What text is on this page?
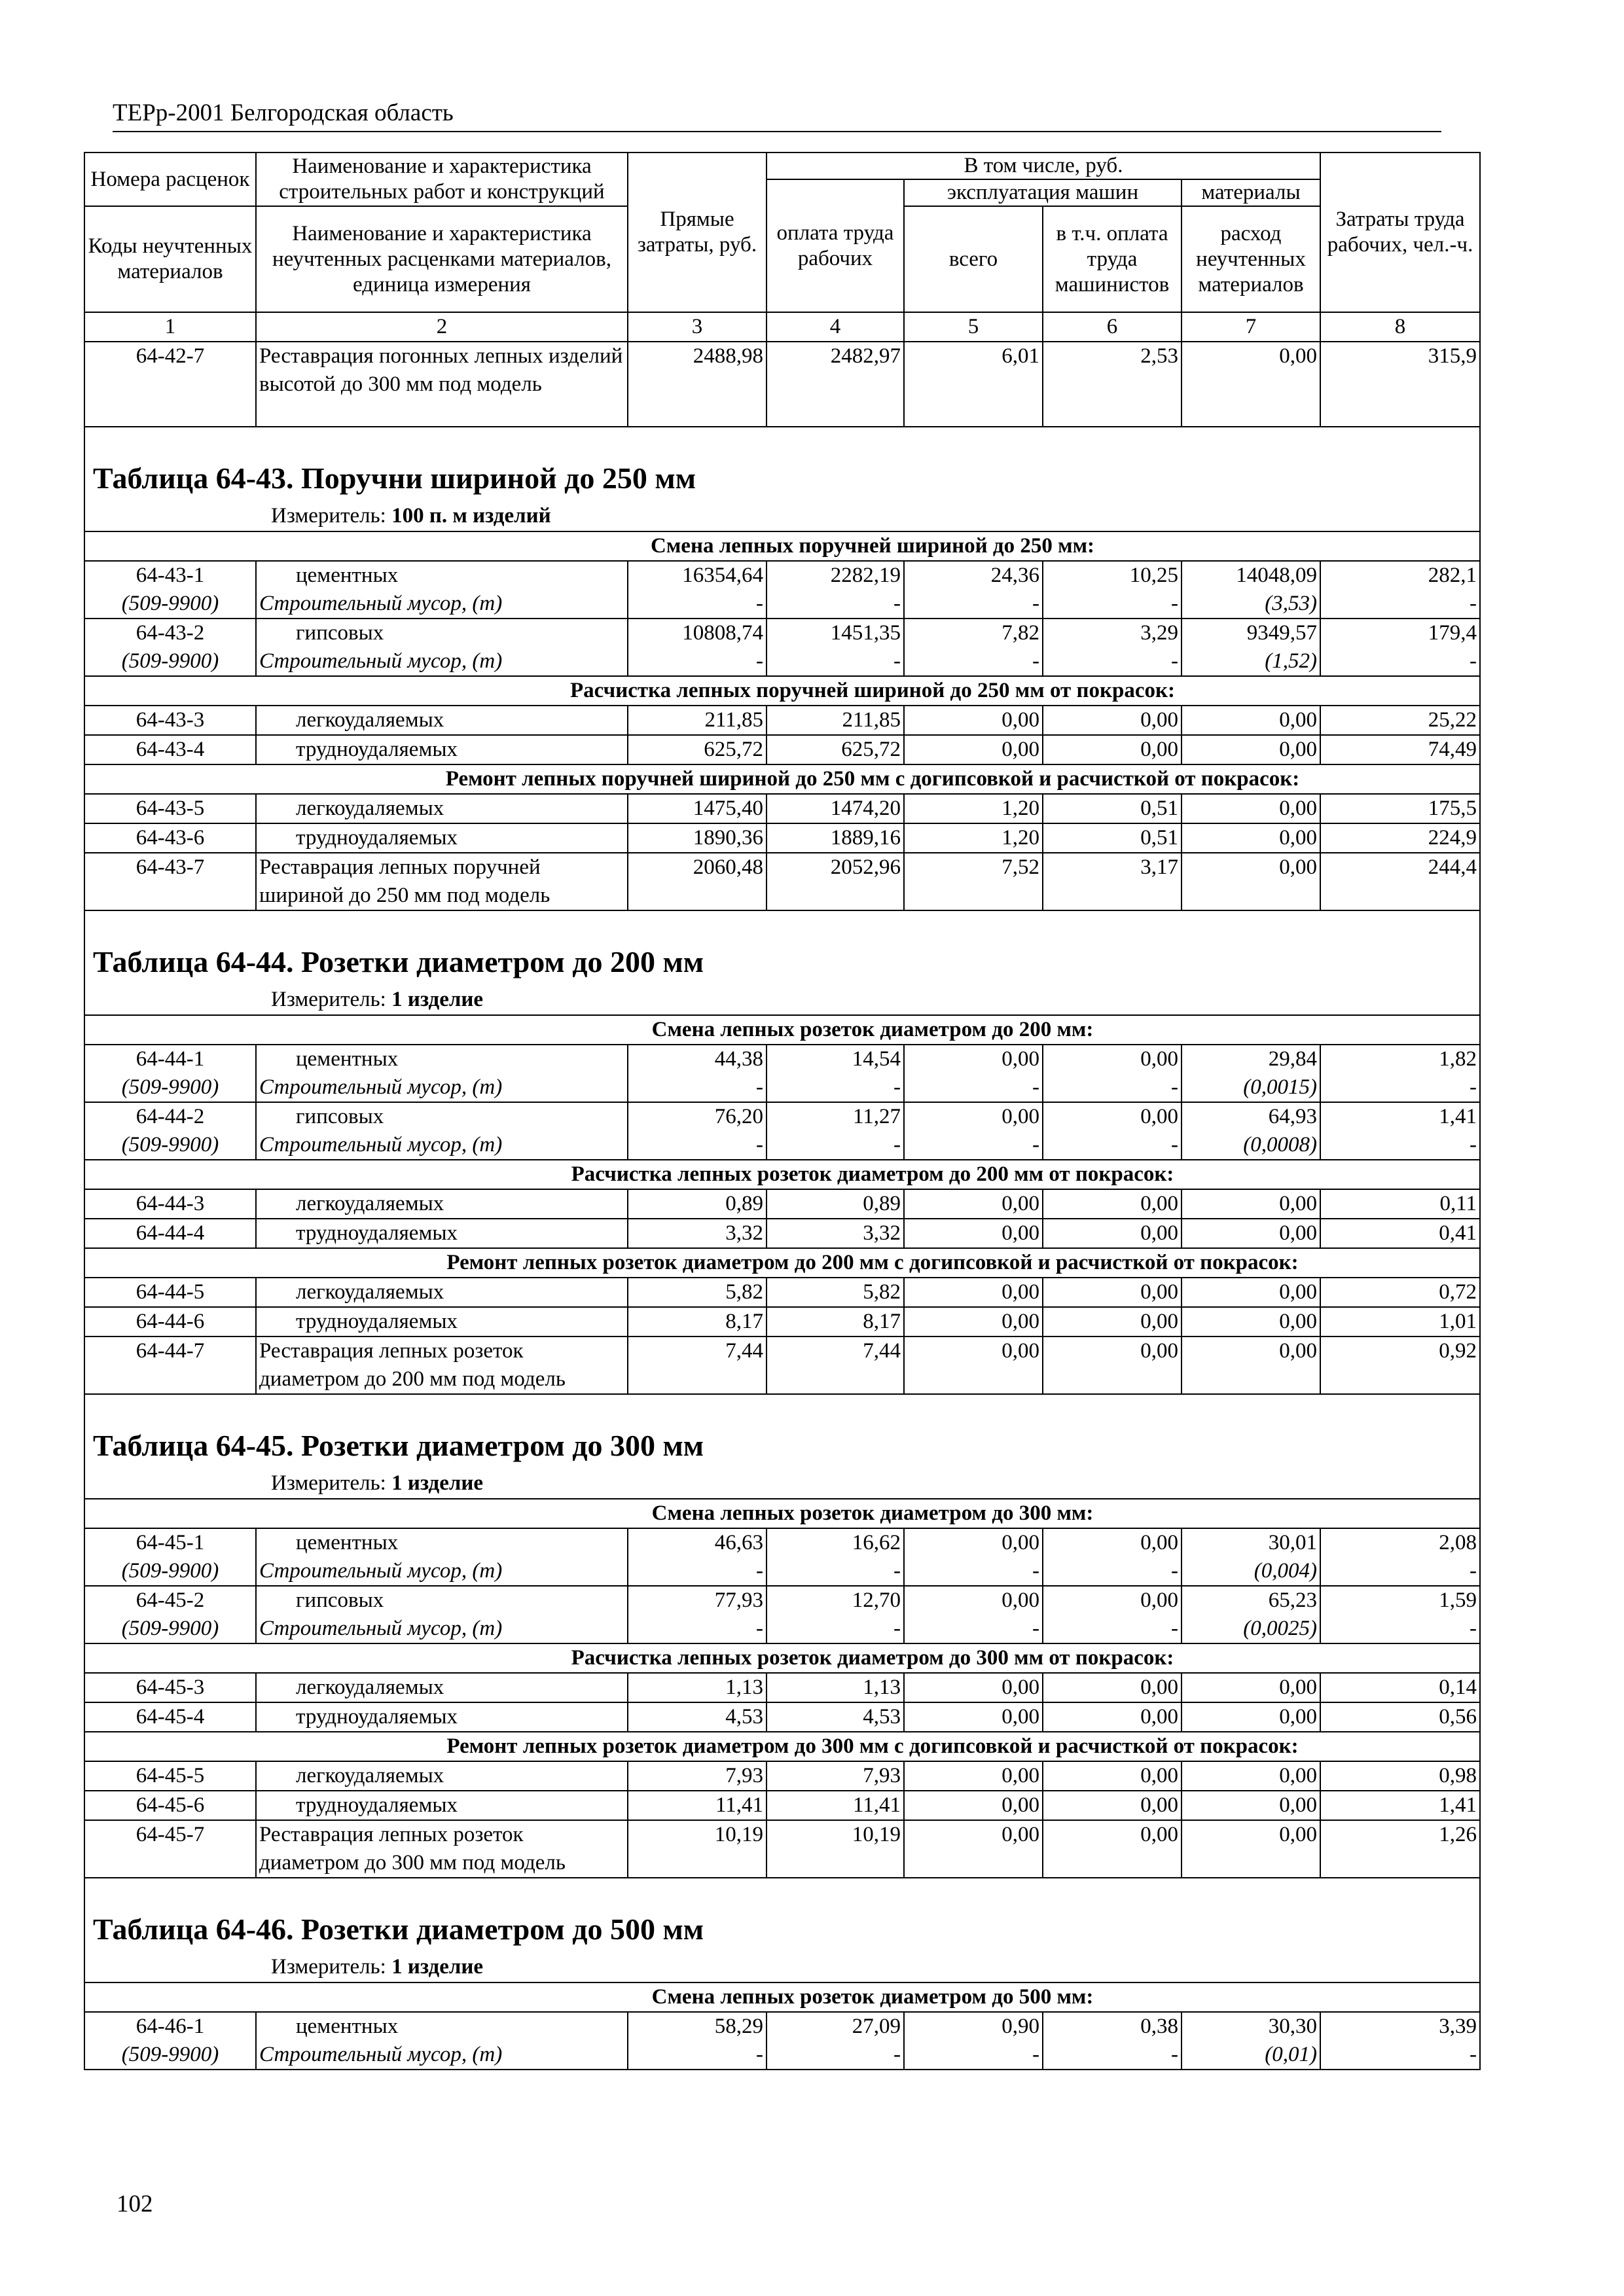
ТЕРр-2001 Белгородская область
Номера расценок	Наименование и характеристика строительных работ и конструкций	Прямые затраты, руб.	В том числе, руб.				Затраты труда рабочих, чел.-ч.
			оплата труда рабочих	эксплуатация машин		материалы	
Коды неучтенных материалов	Наименование и характеристика неучтенных расценками материалов, единица измерения			всего	в т.ч. оплата труда машинистов	расход неучтенных материалов	
1	2	3	4	5	6	7	8
64-42-7	Реставрация погонных лепных изделий высотой до 300 мм под модель	2488,98	2482,97	6,01	2,53	0,00	315,9
Таблица 64-43. Поручни шириной до 250 мм							
Измеритель: 100 п. м изделий							
Смена лепных поручней шириной до 250 мм:							
64-43-1	цементных	16354,64	2282,19	24,36	10,25	14048,09	282,1
(509-9900)	Строительный мусор, (т)	-	-	-	-	(3,53)	-
64-43-2	гипсовых	10808,74	1451,35	7,82	3,29	9349,57	179,4
(509-9900)	Строительный мусор, (т)	-	-	-	-	(1,52)	-
Расчистка лепных поручней шириной до 250 мм от покрасок:							
64-43-3	легкоудаляемых	211,85	211,85	0,00	0,00	0,00	25,22
64-43-4	трудноудаляемых	625,72	625,72	0,00	0,00	0,00	74,49
Ремонт лепных поручней шириной до 250 мм с догипсовкой и расчисткой от покрасок:							
64-43-5	легкоудаляемых	1475,40	1474,20	1,20	0,51	0,00	175,5
64-43-6	трудноудаляемых	1890,36	1889,16	1,20	0,51	0,00	224,9
64-43-7	Реставрация лепных поручней шириной до 250 мм под модель	2060,48	2052,96	7,52	3,17	0,00	244,4
Таблица 64-44. Розетки диаметром до 200 мм							
Измеритель: 1 изделие							
Смена лепных розеток диаметром до 200 мм:							
64-44-1	цементных	44,38	14,54	0,00	0,00	29,84	1,82
(509-9900)	Строительный мусор, (т)	-	-	-	-	(0,0015)	-
64-44-2	гипсовых	76,20	11,27	0,00	0,00	64,93	1,41
(509-9900)	Строительный мусор, (т)	-	-	-	-	(0,0008)	-
Расчистка лепных розеток диаметром до 200 мм от покрасок:							
64-44-3	легкоудаляемых	0,89	0,89	0,00	0,00	0,00	0,11
64-44-4	трудноудаляемых	3,32	3,32	0,00	0,00	0,00	0,41
Ремонт лепных розеток диаметром до 200 мм с догипсовкой и расчисткой от покрасок:							
64-44-5	легкоудаляемых	5,82	5,82	0,00	0,00	0,00	0,72
64-44-6	трудноудаляемых	8,17	8,17	0,00	0,00	0,00	1,01
64-44-7	Реставрация лепных розеток диаметром до 200 мм под модель	7,44	7,44	0,00	0,00	0,00	0,92
Таблица 64-45. Розетки диаметром до 300 мм							
Измеритель: 1 изделие							
Смена лепных розеток диаметром до 300 мм:							
64-45-1	цементных	46,63	16,62	0,00	0,00	30,01	2,08
(509-9900)	Строительный мусор, (т)	-	-	-	-	(0,004)	-
64-45-2	гипсовых	77,93	12,70	0,00	0,00	65,23	1,59
(509-9900)	Строительный мусор, (т)	-	-	-	-	(0,0025)	-
Расчистка лепных розеток диаметром до 300 мм от покрасок:							
64-45-3	легкоудаляемых	1,13	1,13	0,00	0,00	0,00	0,14
64-45-4	трудноудаляемых	4,53	4,53	0,00	0,00	0,00	0,56
Ремонт лепных розеток диаметром до 300 мм с догипсовкой и расчисткой от покрасок:							
64-45-5	легкоудаляемых	7,93	7,93	0,00	0,00	0,00	0,98
64-45-6	трудноудаляемых	11,41	11,41	0,00	0,00	0,00	1,41
64-45-7	Реставрация лепных розеток диаметром до 300 мм под модель	10,19	10,19	0,00	0,00	0,00	1,26
Таблица 64-46. Розетки диаметром до 500 мм							
Измеритель: 1 изделие							
Смена лепных розеток диаметром до 500 мм:							
64-46-1	цементных	58,29	27,09	0,90	0,38	30,30	3,39
(509-9900)	Строительный мусор, (т)	-	-	-	-	(0,01)	-
102
